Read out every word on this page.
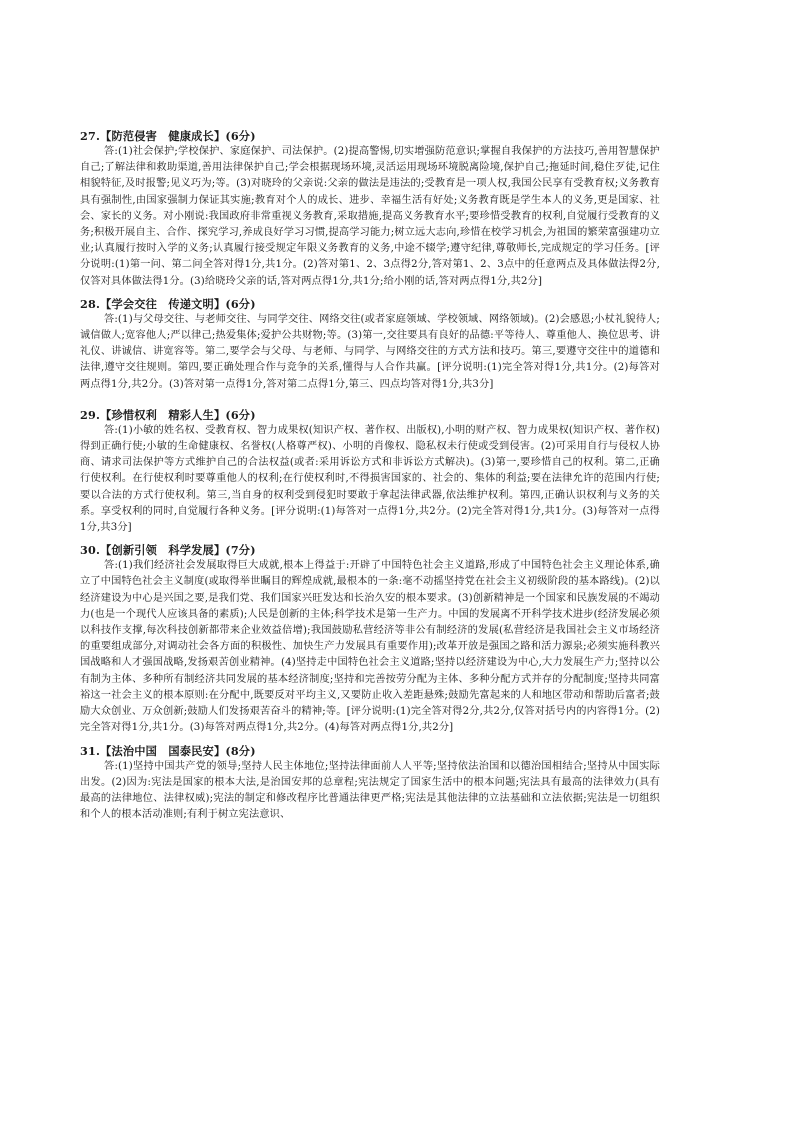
27.【防范侵害　健康成长】(6分)

答:(1)社会保护;学校保护、家庭保护、司法保护。(2)提高警惕,切实增强防范意识;掌握自我保护的方法技巧,善用智慧保护自己;了解法律和救助渠道,善用法律保护自己;学会根据现场环境,灵活运用现场环境脱离险境,保护自己;拖延时间,稳住歹徒,记住相貌特征,及时报警;见义巧为;等。(3)对晓玲的父亲说:父亲的做法是违法的;受教育是一项人权,我国公民享有受教育权;义务教育具有强制性,由国家强制力保证其实施;教育对个人的成长、进步、幸福生活有好处;义务教育既是学生本人的义务,更是国家、社会、家长的义务。对小刚说:我国政府非常重视义务教育,采取措施,提高义务教育水平;要珍惜受教育的权利,自觉履行受教育的义务;积极开展自主、合作、探究学习,养成良好学习习惯,提高学习能力;树立远大志向,珍惜在校学习机会,为祖国的繁荣富强建功立业;认真履行按时入学的义务;认真履行接受规定年限义务教育的义务,中途不辍学;遵守纪律,尊敬师长,完成规定的学习任务。[评分说明:(1)第一问、第二问全答对得1分,共1分。(2)答对第1、2、3点得2分,答对第1、2、3点中的任意两点及具体做法得2分,仅答对具体做法得1分。(3)给晓玲父亲的话,答对两点得1分,共1分;给小刚的话,答对两点得1分,共2分]

28.【学会交往　传递文明】(6分)

答:(1)与父母交往、与老师交往、与同学交往、网络交往(或者家庭领域、学校领域、网络领域)。(2)会感恩;小杖礼貌待人;诚信做人;宽容他人;严以律己;热爱集体;爱护公共财物;等。(3)第一,交往要具有良好的品德:平等待人、尊重他人、换位思考、讲礼仪、讲诚信、讲宽容等。第二,要学会与父母、与老师、与同学、与网络交往的方式方法和技巧。第三,要遵守交往中的道德和法律,遵守交往规则。第四,要正确处理合作与竞争的关系,懂得与人合作共赢。[评分说明:(1)完全答对得1分,共1分。(2)每答对两点得1分,共2分。(3)答对第一点得1分,答对第二点得1分,第三、四点均答对得1分,共3分]

29.【珍惜权利　精彩人生】(6分)

答:(1)小敏的姓名权、受教育权、智力成果权(知识产权、著作权、出版权),小明的财产权、智力成果权(知识产权、著作权)得到正确行使;小敏的生命健康权、名誉权(人格尊严权)、小明的肖像权、隐私权未行使或受到侵害。(2)可采用自行与侵权人协商、请求司法保护等方式维护自己的合法权益(或者:采用诉讼方式和非诉讼方式解决)。(3)第一,要珍惜自己的权利。第二,正确行使权利。在行使权利时要尊重他人的权利;在行使权利时,不得损害国家的、社会的、集体的利益;要在法律允许的范围内行使;要以合法的方式行使权利。第三,当自身的权利受到侵犯时要敢于拿起法律武器,依法维护权利。第四,正确认识权利与义务的关系。享受权利的同时,自觉履行各种义务。[评分说明:(1)每答对一点得1分,共2分。(2)完全答对得1分,共1分。(3)每答对一点得1分,共3分]

30.【创新引领　科学发展】(7分)

答:(1)我们经济社会发展取得巨大成就,根本上得益于:开辟了中国特色社会主义道路,形成了中国特色社会主义理论体系,确立了中国特色社会主义制度(或取得举世瞩目的辉煌成就,最根本的一条:毫不动摇坚持党在社会主义初级阶段的基本路线)。(2)以经济建设为中心是兴国之要,是我们党、我们国家兴旺发达和长治久安的根本要求。(3)创新精神是一个国家和民族发展的不竭动力(也是一个现代人应该具备的素质);人民是创新的主体;科学技术是第一生产力。中国的发展离不开科学技术进步(经济发展必须以科技作支撑,每次科技创新都带来企业效益倍增);我国鼓励私营经济等非公有制经济的发展(私营经济是我国社会主义市场经济的重要组成部分,对调动社会各方面的积极性、加快生产力发展具有重要作用);改革开放是强国之路和活力源泉;必须实施科教兴国战略和人才强国战略,发扬艰苦创业精神。(4)坚持走中国特色社会主义道路;坚持以经济建设为中心,大力发展生产力;坚持以公有制为主体、多种所有制经济共同发展的基本经济制度;坚持和完善按劳分配为主体、多种分配方式并存的分配制度;坚持共同富裕这一社会主义的根本原则:在分配中,既要反对平均主义,又要防止收入差距悬殊;鼓励先富起来的人和地区带动和帮助后富者;鼓励大众创业、万众创新;鼓励人们发扬艰苦奋斗的精神;等。[评分说明:(1)完全答对得2分,共2分,仅答对括号内的内容得1分。(2)完全答对得1分,共1分。(3)每答对两点得1分,共2分。(4)每答对两点得1分,共2分]

31.【法治中国　国泰民安】(8分)

答:(1)坚持中国共产党的领导;坚持人民主体地位;坚持法律面前人人平等;坚持依法治国和以德治国相结合;坚持从中国实际出发。(2)因为:宪法是国家的根本大法,是治国安邦的总章程;宪法规定了国家生活中的根本问题;宪法具有最高的法律效力(具有最高的法律地位、法律权威);宪法的制定和修改程序比普通法律更严格;宪法是其他法律的立法基础和立法依据;宪法是一切组织和个人的根本活动准则;有利于树立宪法意识、
